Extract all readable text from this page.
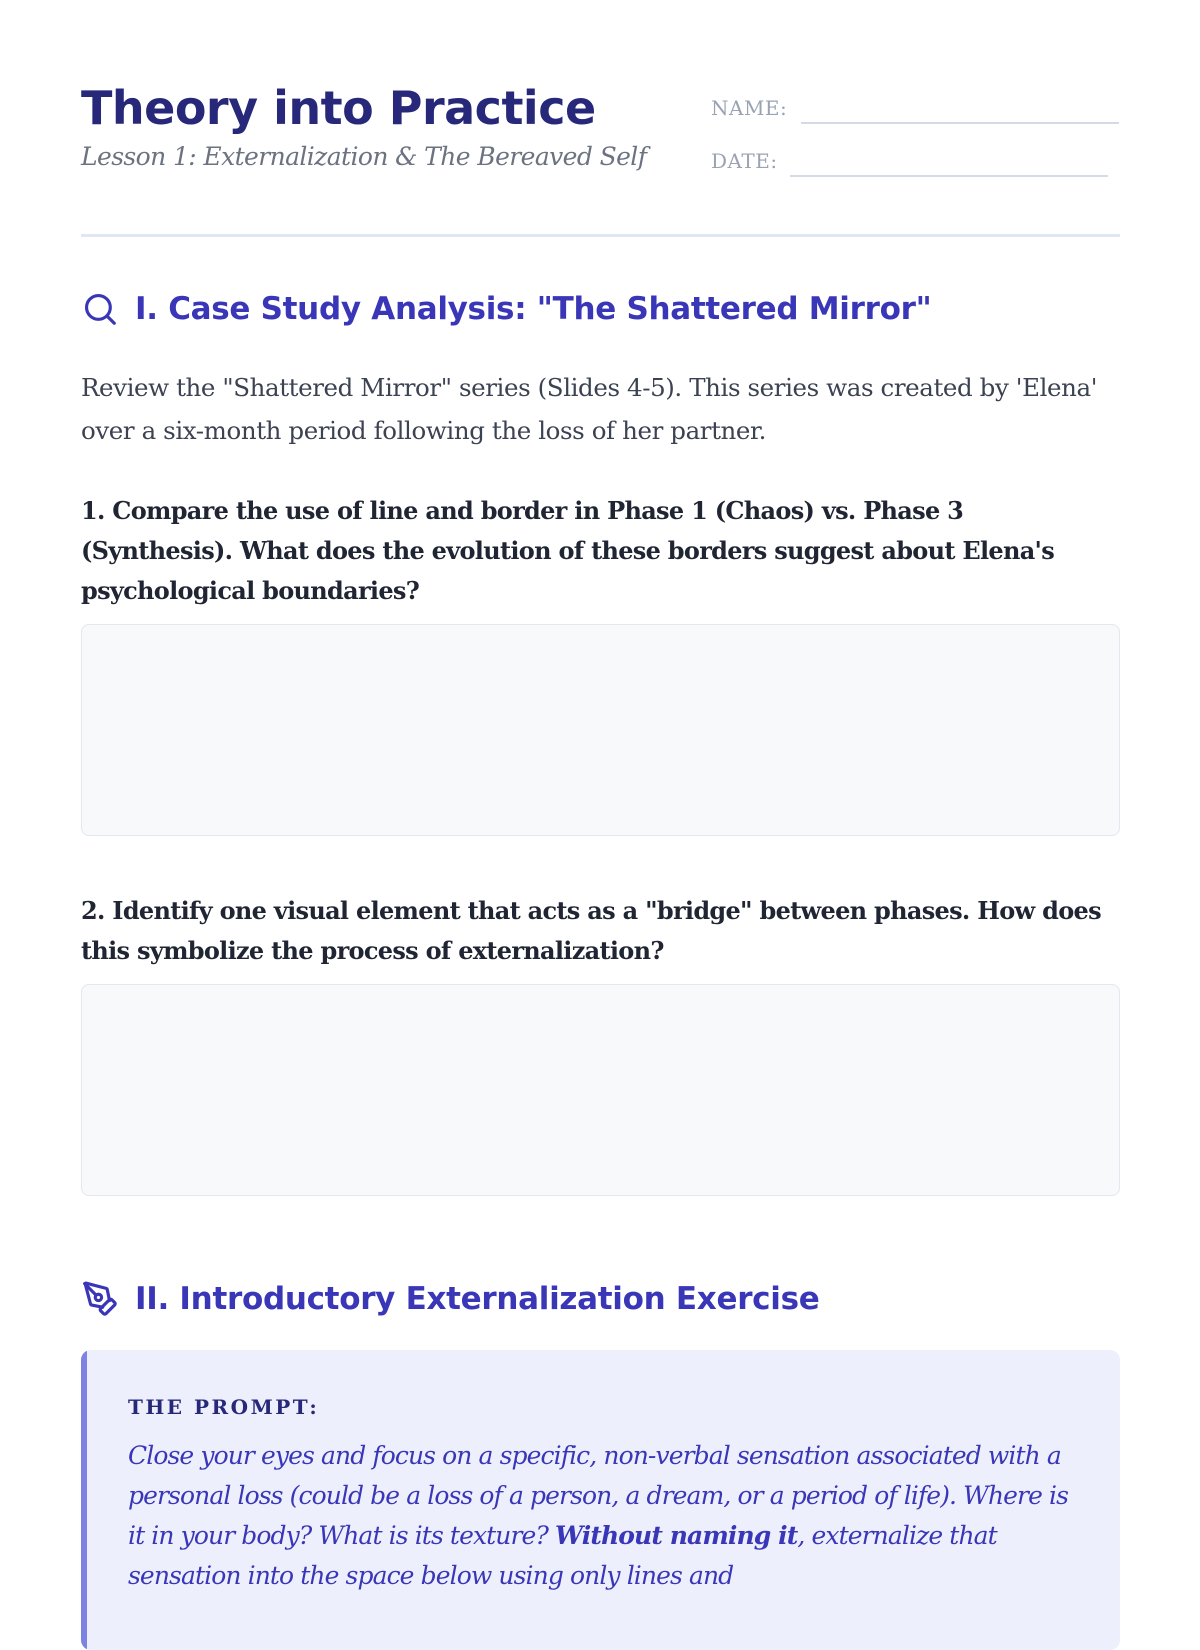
Theory into Practice
Lesson 1: Externalization & The Bereaved Self
NAME:
DATE:
I. Case Study Analysis: "The Shattered Mirror"

Review the "Shattered Mirror" series (Slides 4-5). This series was created by 'Elena' over a six-month period following the loss of her partner.

1. Compare the use of line and border in Phase 1 (Chaos) vs. Phase 3 (Synthesis). What does the evolution of these borders suggest about Elena's psychological boundaries?

2. Identify one visual element that acts as a "bridge" between phases. How does this symbolize the process of externalization?

II. Introductory Externalization Exercise
THE PROMPT:

Close your eyes and focus on a specific, non-verbal sensation associated with a personal loss (could be a loss of a person, a dream, or a period of life). Where is it in your body? What is its texture? Without naming it, externalize that sensation into the space below using only lines and
